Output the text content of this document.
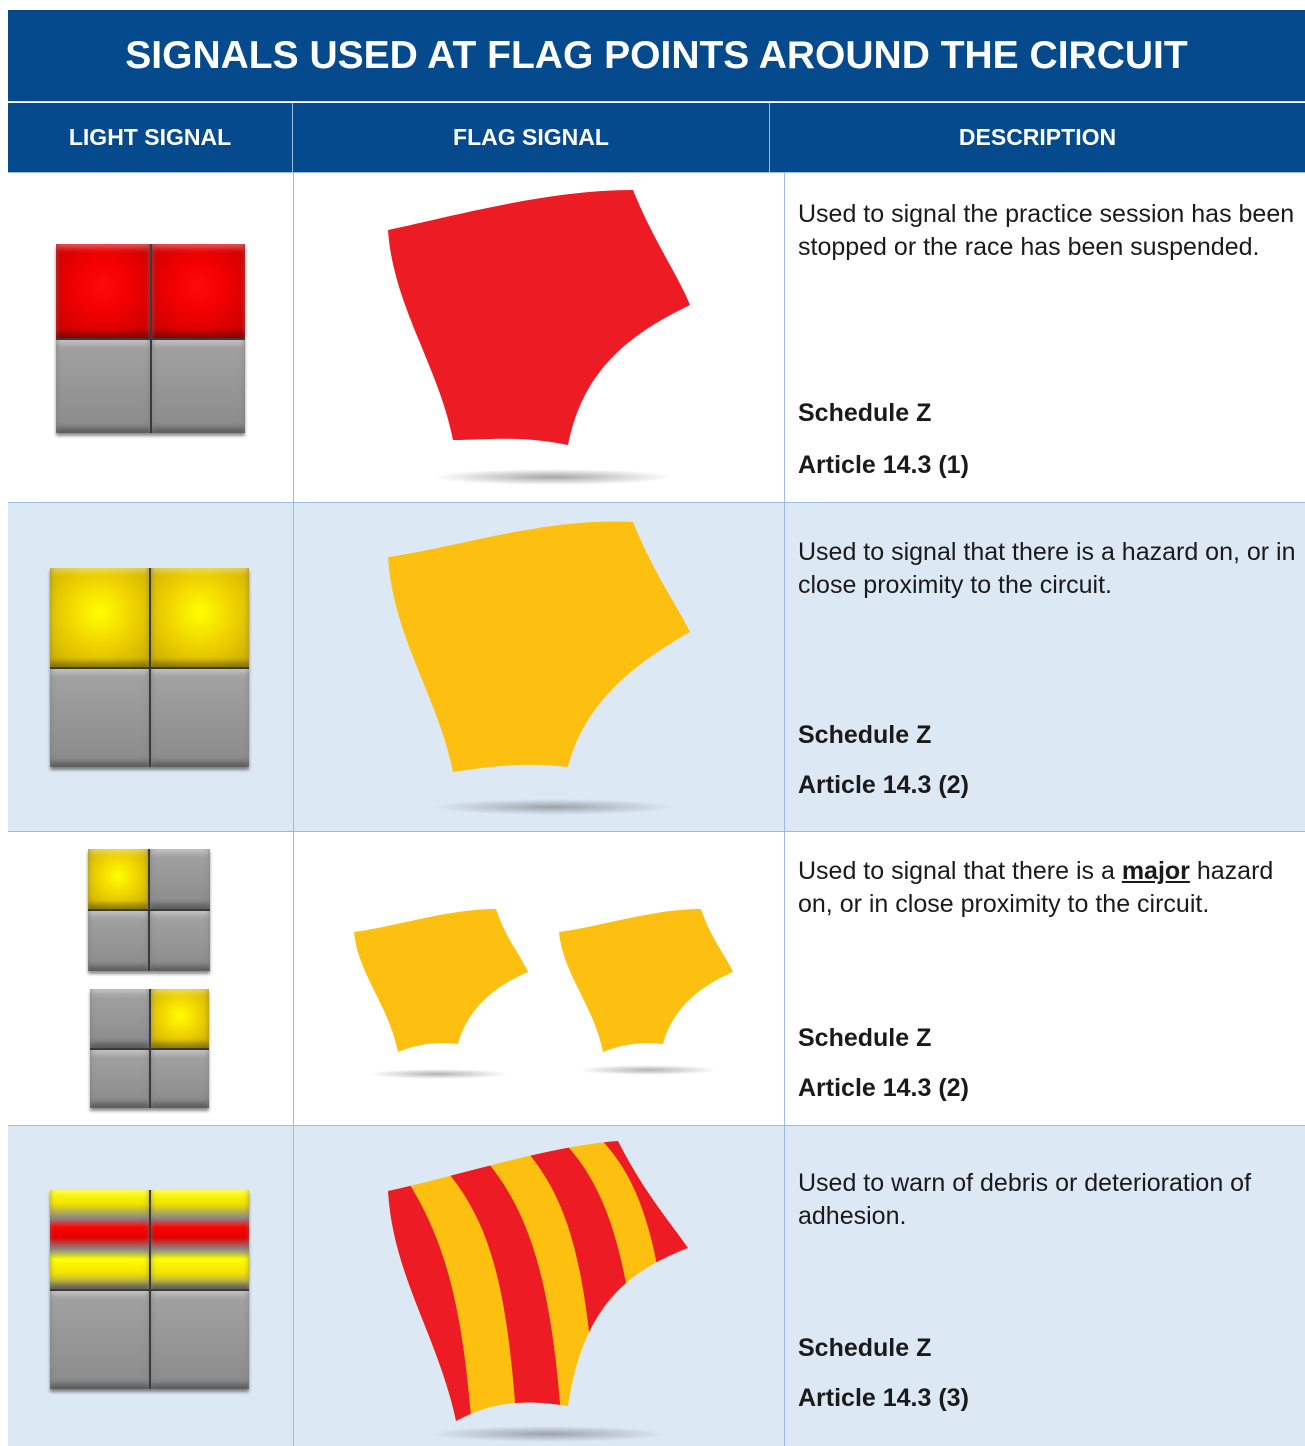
SIGNALS USED AT FLAG POINTS AROUND THE CIRCUIT
LIGHT SIGNAL	FLAG SIGNAL	DESCRIPTION
Used to signal the practice session has been stopped or the race has been suspended.
Schedule Z
Article 14.3 (1)
Used to signal that there is a hazard on, or in close proximity to the circuit.
Schedule Z
Article 14.3 (2)
Used to signal that there is a major hazard on, or in close proximity to the circuit.
Schedule Z
Article 14.3 (2)
Used to warn of debris or deterioration of adhesion.
Schedule Z
Article 14.3 (3)
